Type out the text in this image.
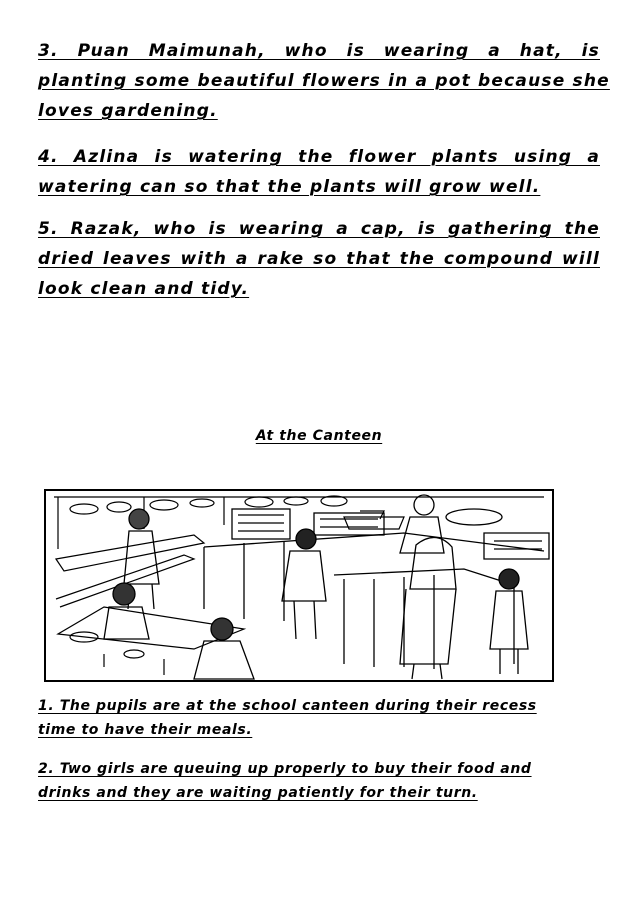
3. Puan Maimunah, who is wearing a hat, is
planting some beautiful flowers in a pot because she
loves gardening.
4. Azlina is watering the flower plants using a
watering can so that the plants will grow well.
5. Razak, who is wearing a cap, is gathering the
dried leaves with a rake so that the compound will
look clean and tidy.
At the Canteen
1. The pupils are at the school canteen during their recess
time to have their meals.
2. Two girls are queuing up properly to buy their food and
drinks and they are waiting patiently for their turn.
